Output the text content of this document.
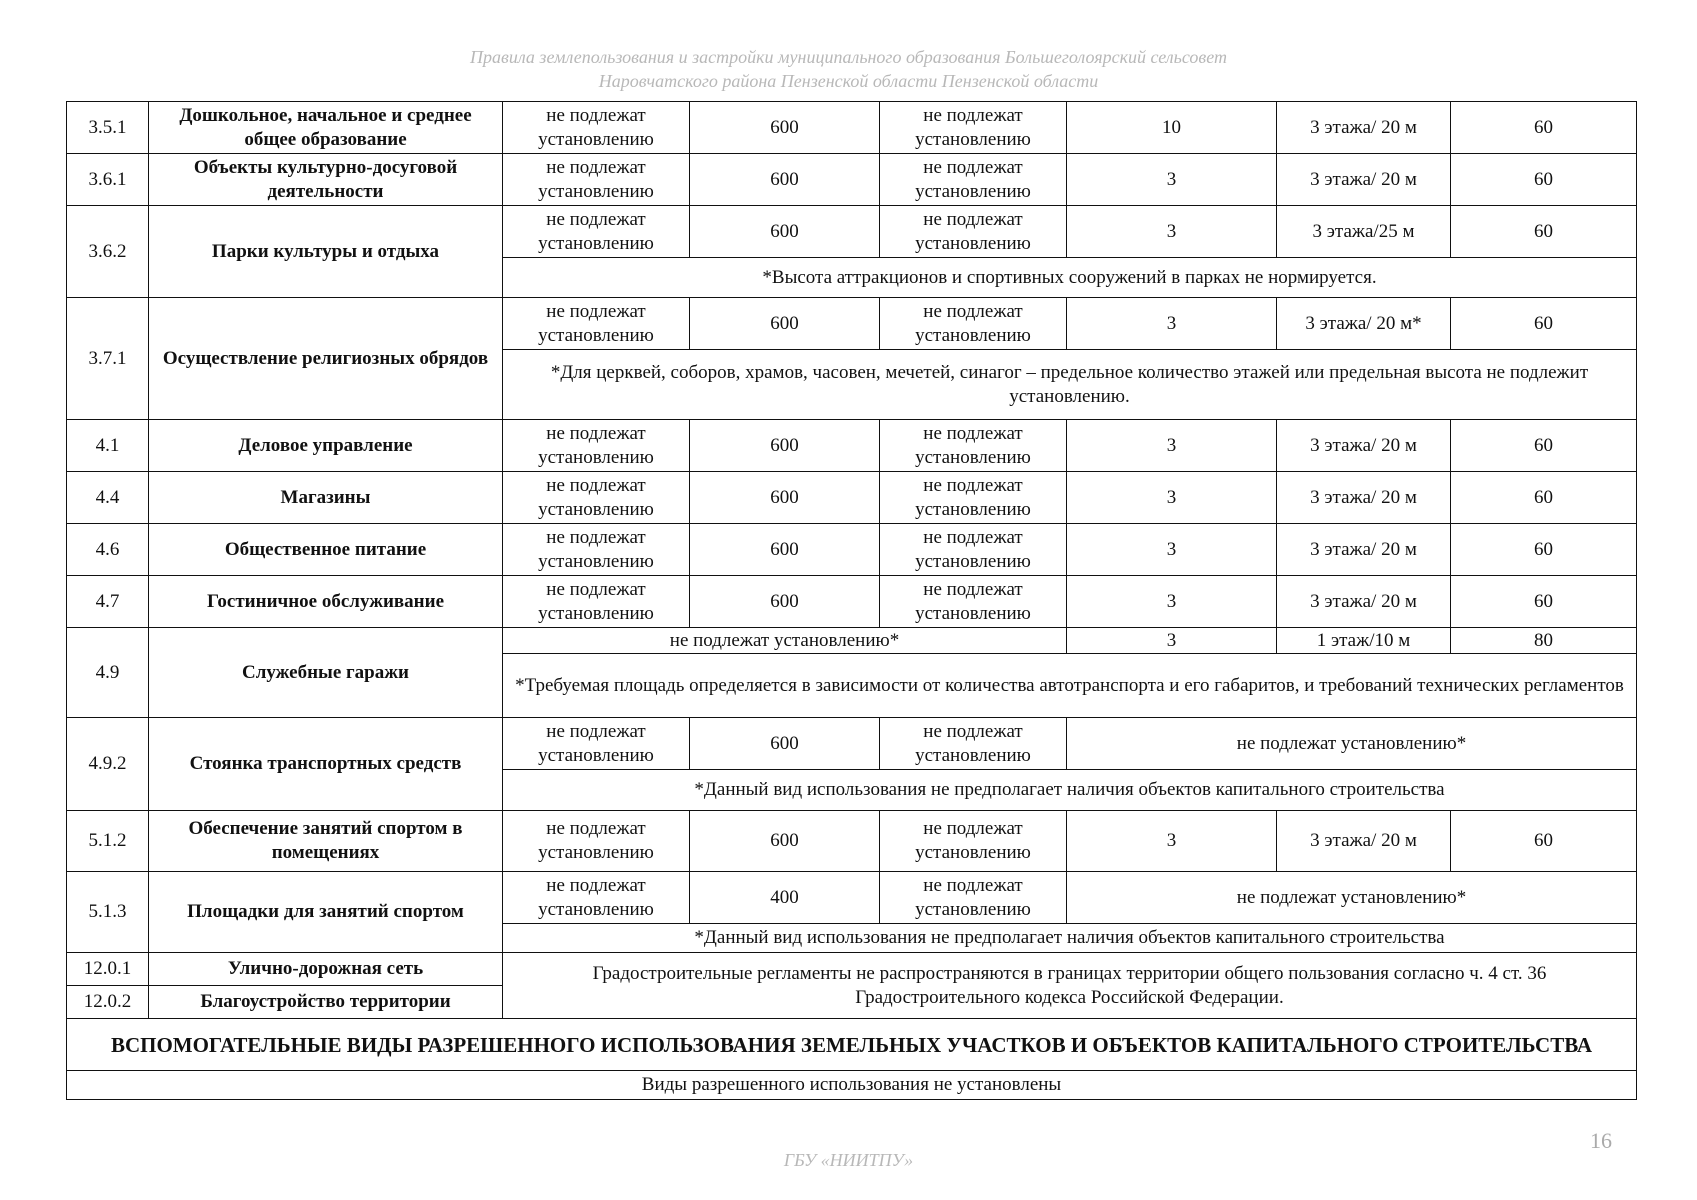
Правила землепользования и застройки муниципального образования Большеголоярский сельсовет
Наровчатского района Пензенской области Пензенской области
3.5.1	Дошкольное, начальное и среднее общее образование	не подлежат установлению	600	не подлежат установлению	10	3 этажа/ 20 м	60
3.6.1	Объекты культурно-досуговой деятельности	не подлежат установлению	600	не подлежат установлению	3	3 этажа/ 20 м	60
3.6.2	Парки культуры и отдыха	не подлежат установлению	600	не подлежат установлению	3	3 этажа/25 м	60
		*Высота аттракционов и спортивных сооружений в парках не нормируется.					
3.7.1	Осуществление религиозных обрядов	не подлежат установлению	600	не подлежат установлению	3	3 этажа/ 20 м*	60
		*Для церквей, соборов, храмов, часовен, мечетей, синагог – предельное количество этажей или предельная высота не подлежит установлению.					
4.1	Деловое управление	не подлежат установлению	600	не подлежат установлению	3	3 этажа/ 20 м	60
4.4	Магазины	не подлежат установлению	600	не подлежат установлению	3	3 этажа/ 20 м	60
4.6	Общественное питание	не подлежат установлению	600	не подлежат установлению	3	3 этажа/ 20 м	60
4.7	Гостиничное обслуживание	не подлежат установлению	600	не подлежат установлению	3	3 этажа/ 20 м	60
4.9	Служебные гаражи	не подлежат установлению*			3	1 этаж/10 м	80
		*Требуемая площадь определяется в зависимости от количества автотранспорта и его габаритов, и требований технических регламентов					
4.9.2	Стоянка транспортных средств	не подлежат установлению	600	не подлежат установлению	не подлежат установлению*		
		*Данный вид использования не предполагает наличия объектов капитального строительства					
5.1.2	Обеспечение занятий спортом в помещениях	не подлежат установлению	600	не подлежат установлению	3	3 этажа/ 20 м	60
5.1.3	Площадки для занятий спортом	не подлежат установлению	400	не подлежат установлению	не подлежат установлению*		
		*Данный вид использования не предполагает наличия объектов капитального строительства					
12.0.1	Улично-дорожная сеть	Градостроительные регламенты не распространяются в границах территории общего пользования согласно ч. 4 ст. 36 Градостроительного кодекса Российской Федерации.					
12.0.2	Благоустройство территории						
ВСПОМОГАТЕЛЬНЫЕ ВИДЫ РАЗРЕШЕННОГО ИСПОЛЬЗОВАНИЯ ЗЕМЕЛЬНЫХ УЧАСТКОВ И ОБЪЕКТОВ КАПИТАЛЬНОГО СТРОИТЕЛЬСТВА							
Виды разрешенного использования не установлены							
16
ГБУ «НИИТПУ»
